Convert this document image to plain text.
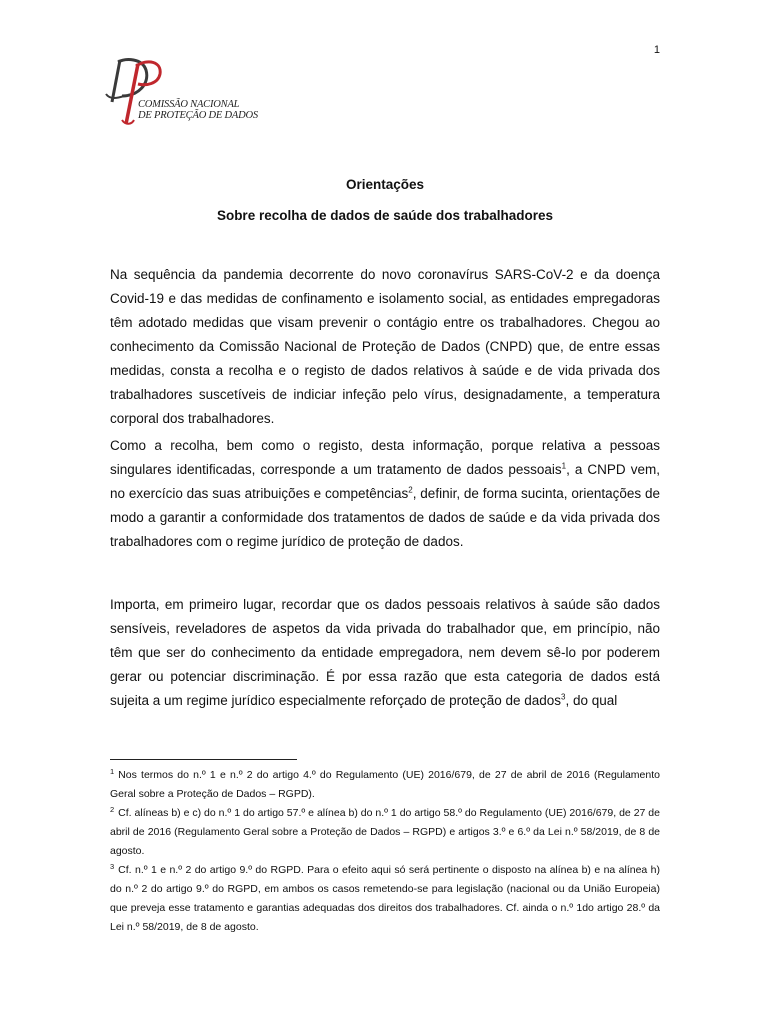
1
COMISSÃO NACIONAL
DE PROTEÇÃO DE DADOS
Orientações
Sobre recolha de dados de saúde dos trabalhadores

Na sequência da pandemia decorrente do novo coronavírus SARS-CoV-2 e da doença Covid-19 e das medidas de confinamento e isolamento social, as entidades empregadoras têm adotado medidas que visam prevenir o contágio entre os trabalhadores. Chegou ao conhecimento da Comissão Nacional de Proteção de Dados (CNPD) que, de entre essas medidas, consta a recolha e o registo de dados relativos à saúde e de vida privada dos trabalhadores suscetíveis de indiciar infeção pelo vírus, designadamente, a temperatura corporal dos trabalhadores.

Como a recolha, bem como o registo, desta informação, porque relativa a pessoas singulares identificadas, corresponde a um tratamento de dados pessoais$^1$, a CNPD vem, no exercício das suas atribuições e competências$^2$, definir, de forma sucinta, orientações de modo a garantir a conformidade dos tratamentos de dados de saúde e da vida privada dos trabalhadores com o regime jurídico de proteção de dados.

Importa, em primeiro lugar, recordar que os dados pessoais relativos à saúde são dados sensíveis, reveladores de aspetos da vida privada do trabalhador que, em princípio, não têm que ser do conhecimento da entidade empregadora, nem devem sê-lo por poderem gerar ou potenciar discriminação. É por essa razão que esta categoria de dados está sujeita a um regime jurídico especialmente reforçado de proteção de dados$^3$, do qual

$^1$ Nos termos do n.º 1 e n.º 2 do artigo 4.º do Regulamento (UE) 2016/679, de 27 de abril de 2016 (Regulamento Geral sobre a Proteção de Dados – RGPD).

$^2$ Cf. alíneas b) e c) do n.º 1 do artigo 57.º e alínea b) do n.º 1 do artigo 58.º do Regulamento (UE) 2016/679, de 27 de abril de 2016 (Regulamento Geral sobre a Proteção de Dados – RGPD) e artigos 3.º e 6.º da Lei n.º 58/2019, de 8 de agosto.

$^3$ Cf. n.º 1 e n.º 2 do artigo 9.º do RGPD. Para o efeito aqui só será pertinente o disposto na alínea b) e na alínea h) do n.º 2 do artigo 9.º do RGPD, em ambos os casos remetendo-se para legislação (nacional ou da União Europeia) que preveja esse tratamento e garantias adequadas dos direitos dos trabalhadores. Cf. ainda o n.º 1do artigo 28.º da Lei n.º 58/2019, de 8 de agosto.
